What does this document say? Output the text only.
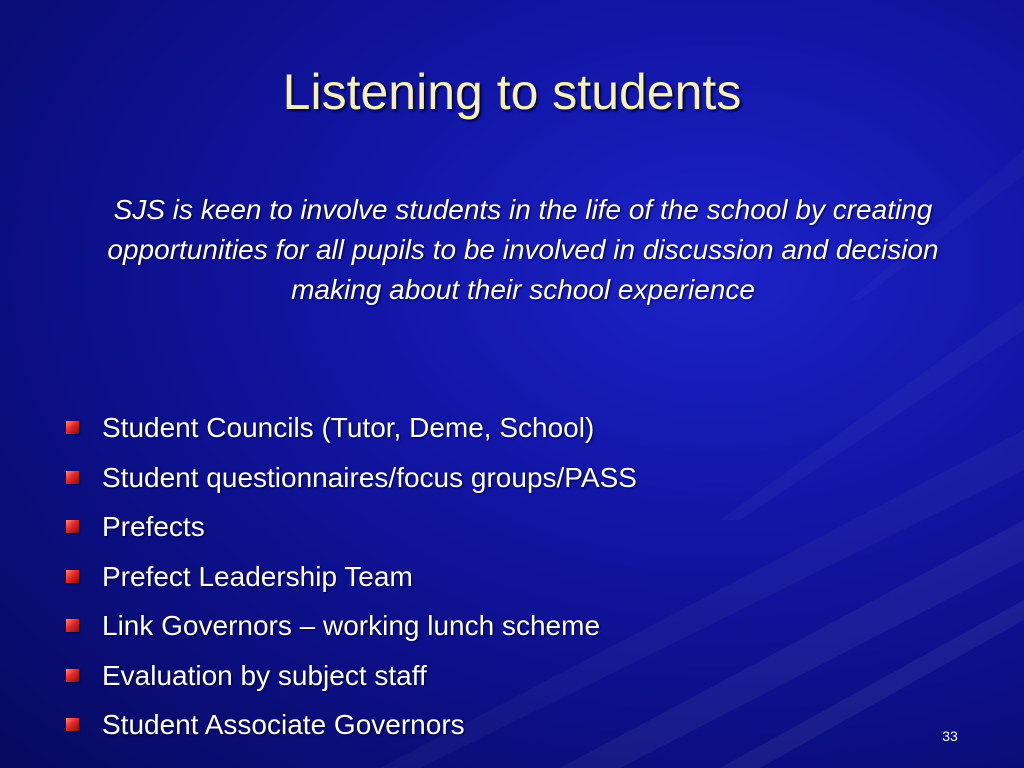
Listening to students
SJS is keen to involve students in the life of the school by creating opportunities for all pupils to be involved in discussion and decision making about their school experience
Student Councils (Tutor, Deme, School)
Student questionnaires/focus groups/PASS
Prefects
Prefect Leadership Team
Link Governors – working lunch scheme
Evaluation by subject staff
Student Associate Governors	33
